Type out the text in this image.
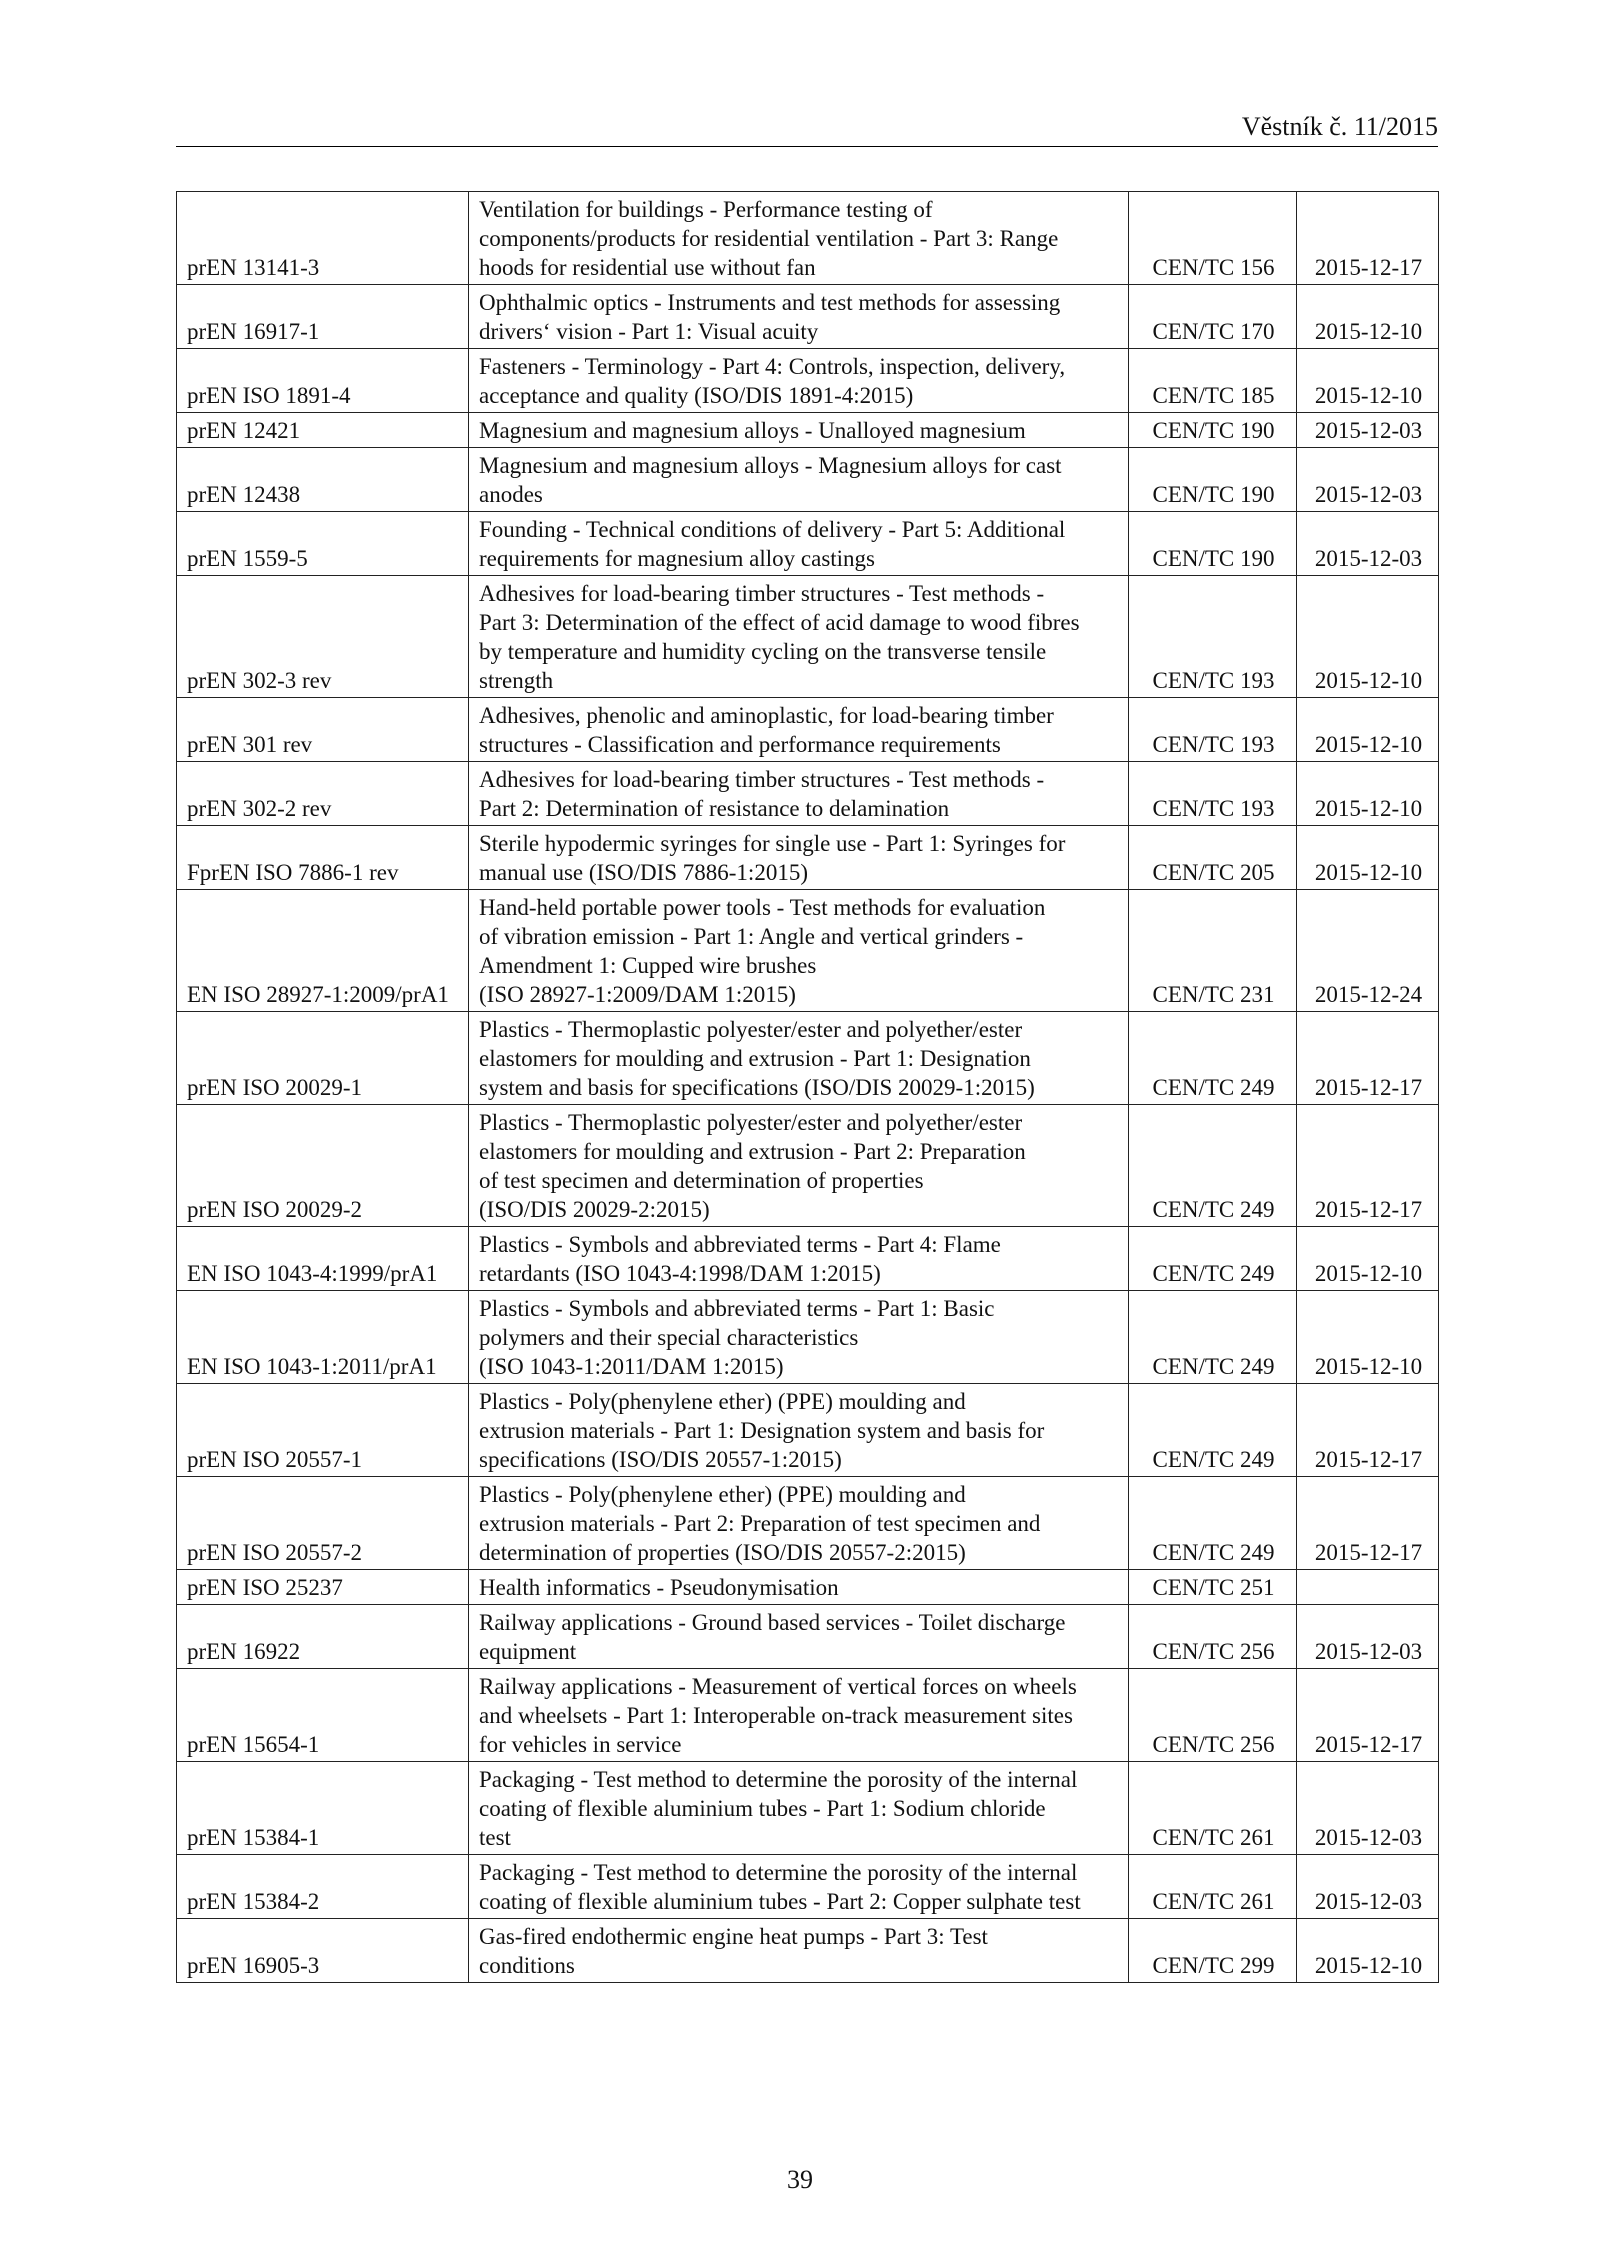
Věstník č. 11/2015
prEN 13141-3	Ventilation for buildings - Performance testing of
components/products for residential ventilation - Part 3: Range
hoods for residential use without fan	CEN/TC 156	2015-12-17
prEN 16917-1	Ophthalmic optics - Instruments and test methods for assessing
drivers‘ vision - Part 1: Visual acuity	CEN/TC 170	2015-12-10
prEN ISO 1891-4	Fasteners - Terminology - Part 4: Controls, inspection, delivery,
acceptance and quality (ISO/DIS 1891-4:2015)	CEN/TC 185	2015-12-10
prEN 12421	Magnesium and magnesium alloys - Unalloyed magnesium	CEN/TC 190	2015-12-03
prEN 12438	Magnesium and magnesium alloys - Magnesium alloys for cast
anodes	CEN/TC 190	2015-12-03
prEN 1559-5	Founding - Technical conditions of delivery - Part 5: Additional
requirements for magnesium alloy castings	CEN/TC 190	2015-12-03
prEN 302-3 rev	Adhesives for load-bearing timber structures - Test methods -
Part 3: Determination of the effect of acid damage to wood fibres
by temperature and humidity cycling on the transverse tensile
strength	CEN/TC 193	2015-12-10
prEN 301 rev	Adhesives, phenolic and aminoplastic, for load-bearing timber
structures - Classification and performance requirements	CEN/TC 193	2015-12-10
prEN 302-2 rev	Adhesives for load-bearing timber structures - Test methods -
Part 2: Determination of resistance to delamination	CEN/TC 193	2015-12-10
FprEN ISO 7886-1 rev	Sterile hypodermic syringes for single use - Part 1: Syringes for
manual use (ISO/DIS 7886-1:2015)	CEN/TC 205	2015-12-10
EN ISO 28927-1:2009/prA1	Hand-held portable power tools - Test methods for evaluation
of vibration emission - Part 1: Angle and vertical grinders -
Amendment 1: Cupped wire brushes
(ISO 28927-1:2009/DAM 1:2015)	CEN/TC 231	2015-12-24
prEN ISO 20029-1	Plastics - Thermoplastic polyester/ester and polyether/ester
elastomers for moulding and extrusion - Part 1: Designation
system and basis for specifications (ISO/DIS 20029-1:2015)	CEN/TC 249	2015-12-17
prEN ISO 20029-2	Plastics - Thermoplastic polyester/ester and polyether/ester
elastomers for moulding and extrusion - Part 2: Preparation
of test specimen and determination of properties
(ISO/DIS 20029-2:2015)	CEN/TC 249	2015-12-17
EN ISO 1043-4:1999/prA1	Plastics - Symbols and abbreviated terms - Part 4: Flame
retardants (ISO 1043-4:1998/DAM 1:2015)	CEN/TC 249	2015-12-10
EN ISO 1043-1:2011/prA1	Plastics - Symbols and abbreviated terms - Part 1: Basic
polymers and their special characteristics
(ISO 1043-1:2011/DAM 1:2015)	CEN/TC 249	2015-12-10
prEN ISO 20557-1	Plastics - Poly(phenylene ether) (PPE) moulding and
extrusion materials - Part 1: Designation system and basis for
specifications (ISO/DIS 20557-1:2015)	CEN/TC 249	2015-12-17
prEN ISO 20557-2	Plastics - Poly(phenylene ether) (PPE) moulding and
extrusion materials - Part 2: Preparation of test specimen and
determination of properties (ISO/DIS 20557-2:2015)	CEN/TC 249	2015-12-17
prEN ISO 25237	Health informatics - Pseudonymisation	CEN/TC 251	
prEN 16922	Railway applications - Ground based services - Toilet discharge
equipment	CEN/TC 256	2015-12-03
prEN 15654-1	Railway applications - Measurement of vertical forces on wheels
and wheelsets - Part 1: Interoperable on-track measurement sites
for vehicles in service	CEN/TC 256	2015-12-17
prEN 15384-1	Packaging - Test method to determine the porosity of the internal
coating of flexible aluminium tubes - Part 1: Sodium chloride
test	CEN/TC 261	2015-12-03
prEN 15384-2	Packaging - Test method to determine the porosity of the internal
coating of flexible aluminium tubes - Part 2: Copper sulphate test	CEN/TC 261	2015-12-03
prEN 16905-3	Gas-fired endothermic engine heat pumps - Part 3: Test
conditions	CEN/TC 299	2015-12-10
39
